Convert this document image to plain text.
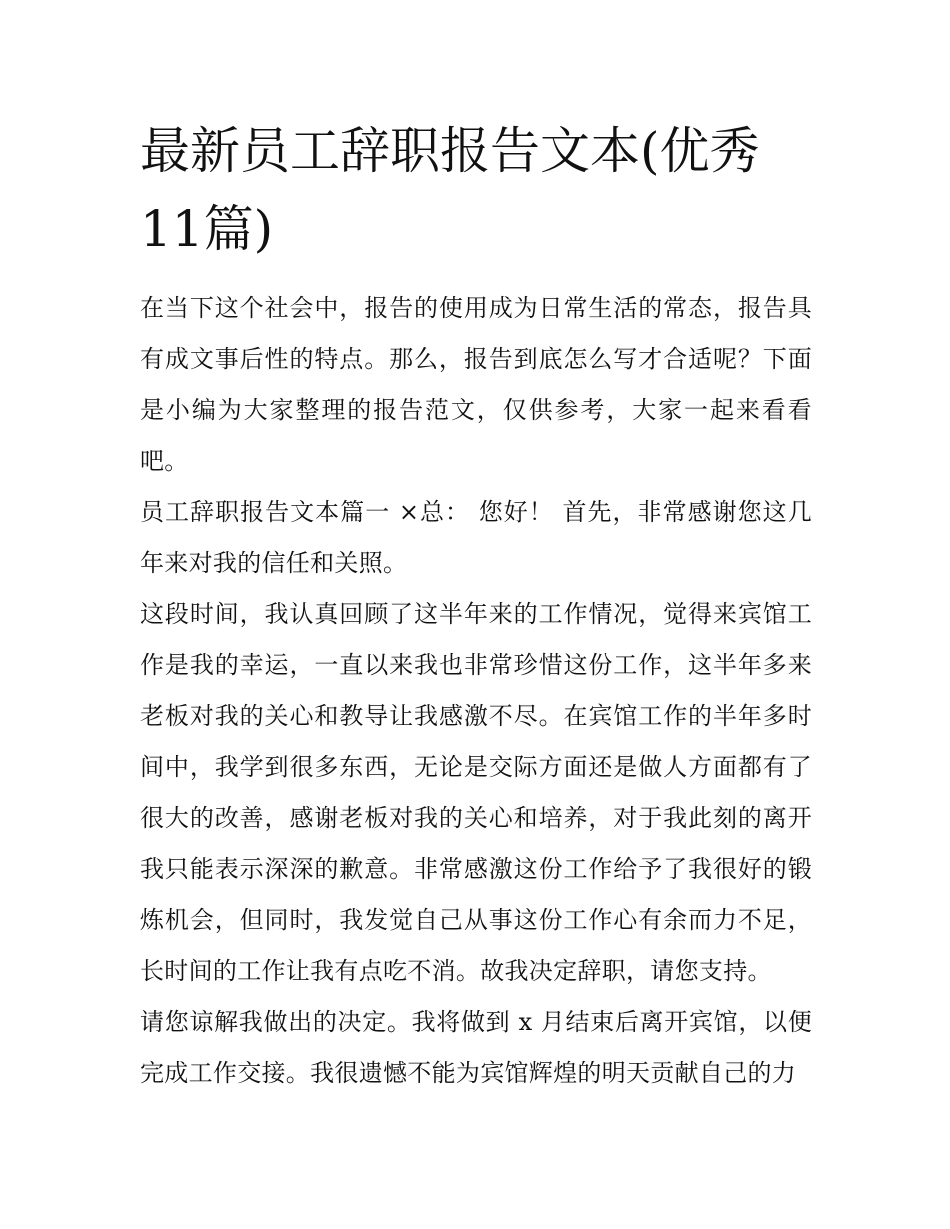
最新员工辞职报告文本(优秀11篇)

在当下这个社会中，报告的使用成为日常生活的常态，报告具有成文事后性的特点。那么，报告到底怎么写才合适呢？下面是小编为大家整理的报告范文，仅供参考，大家一起来看看吧。

员工辞职报告文本篇一 ×总： 您好！ 首先，非常感谢您这几年来对我的信任和关照。

这段时间，我认真回顾了这半年来的工作情况，觉得来宾馆工作是我的幸运，一直以来我也非常珍惜这份工作，这半年多来老板对我的关心和教导让我感激不尽。在宾馆工作的半年多时间中，我学到很多东西，无论是交际方面还是做人方面都有了很大的改善，感谢老板对我的关心和培养，对于我此刻的离开我只能表示深深的歉意。非常感激这份工作给予了我很好的锻炼机会，但同时，我发觉自己从事这份工作心有余而力不足，长时间的工作让我有点吃不消。故我决定辞职，请您支持。

请您谅解我做出的决定。我将做到 x 月结束后离开宾馆，以便完成工作交接。我很遗憾不能为宾馆辉煌的明天贡献自己的力
